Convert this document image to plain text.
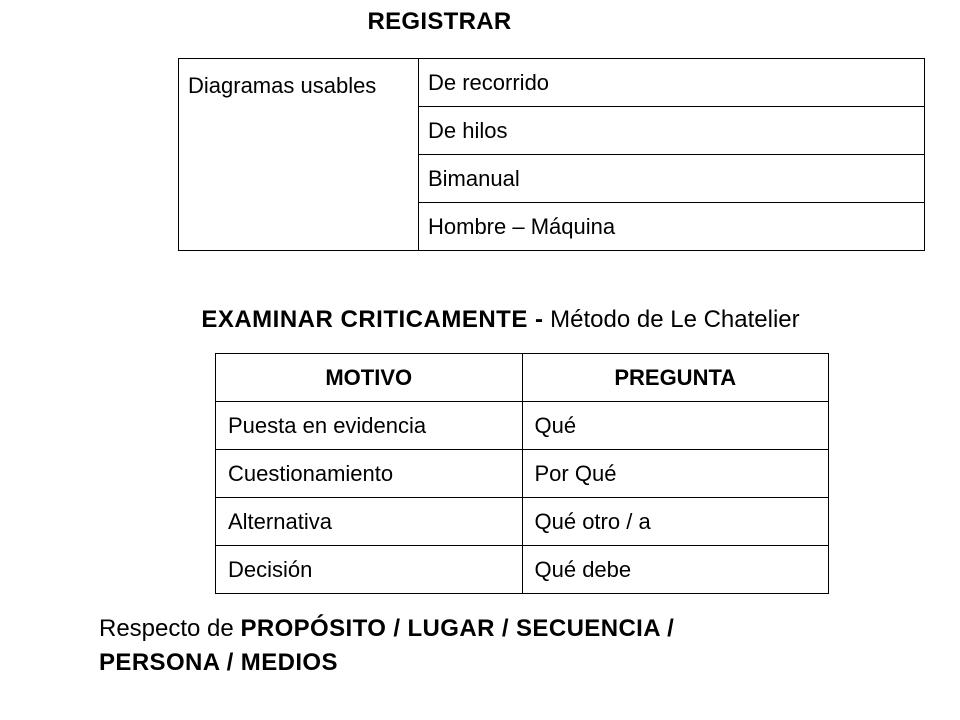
REGISTRAR
Diagramas usables	De recorrido
De hilos
Bimanual
Hombre – Máquina
EXAMINAR CRITICAMENTE - Método de Le Chatelier
MOTIVO	PREGUNTA
Puesta en evidencia	Qué
Cuestionamiento	Por Qué
Alternativa	Qué otro / a
Decisión	Qué debe
Respecto de PROPÓSITO / LUGAR / SECUENCIA /
PERSONA / MEDIOS
